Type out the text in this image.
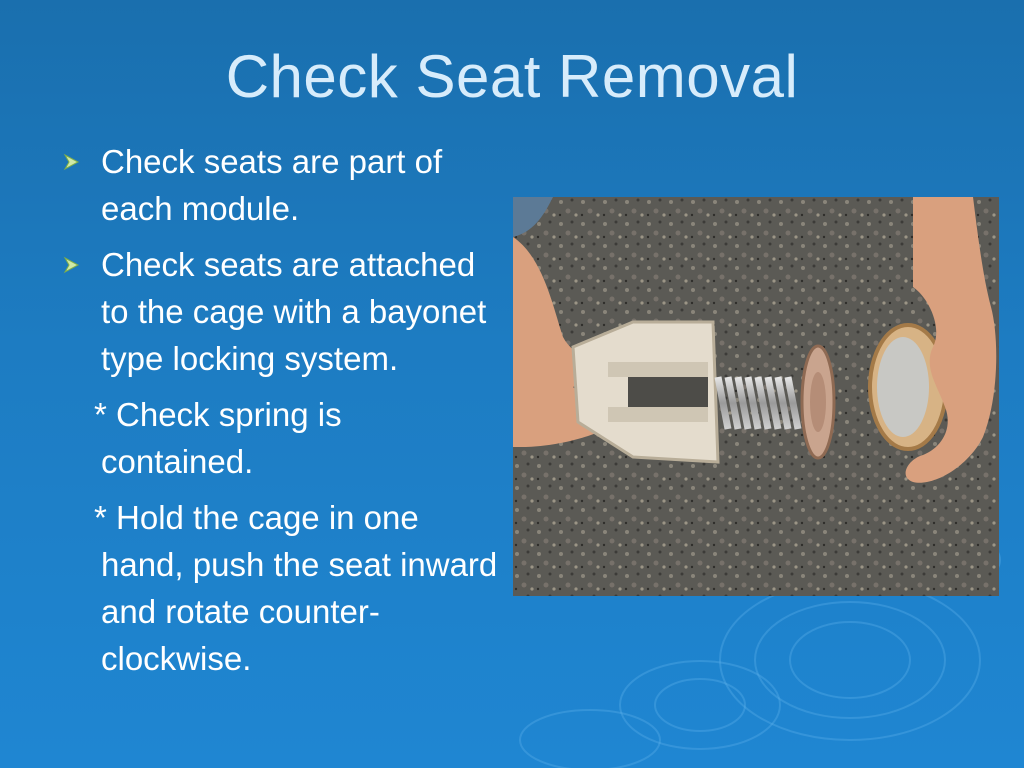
Check Seat Removal
Check seats are part of each module.
Check seats are attached to the cage with a bayonet type locking system.
* Check spring is contained.
* Hold the cage in one hand, push the seat inward and rotate counter-clockwise.
